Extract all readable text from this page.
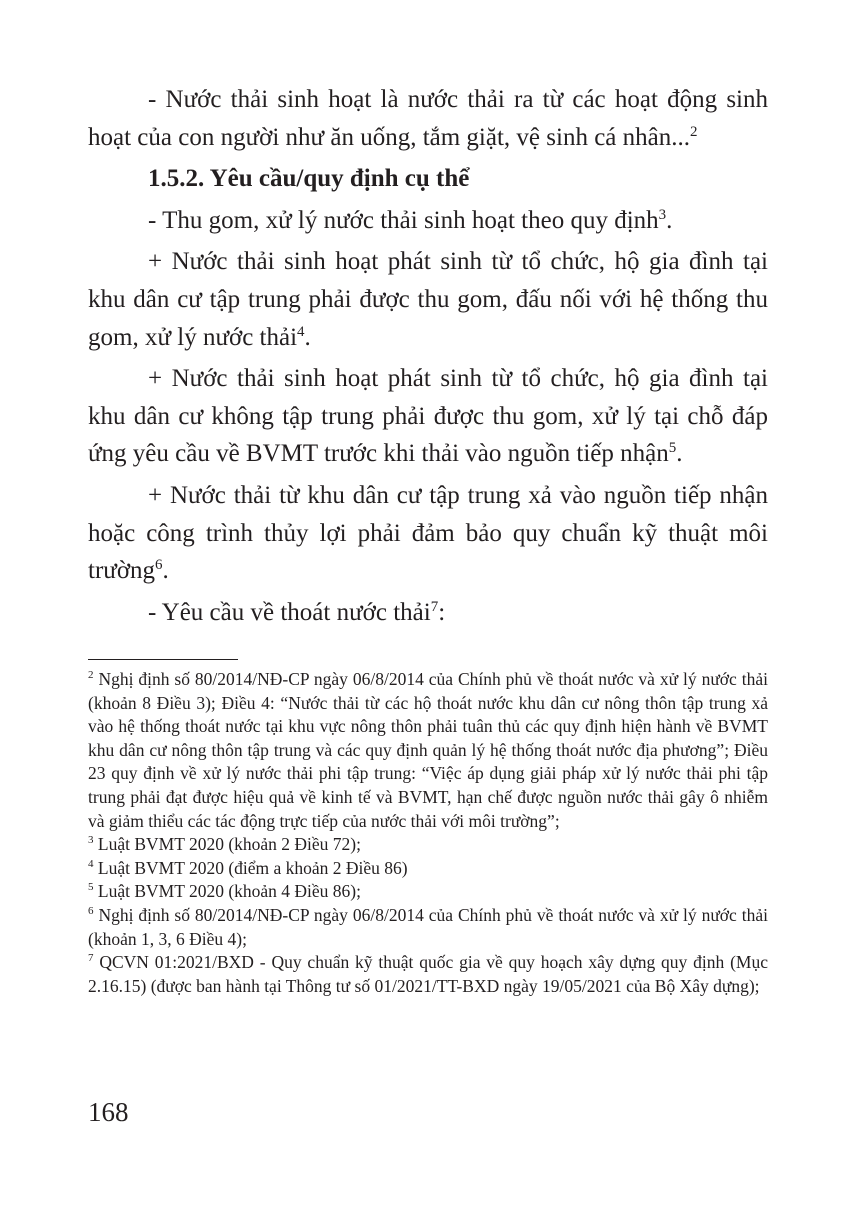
- Nước thải sinh hoạt là nước thải ra từ các hoạt động sinh hoạt của con người như ăn uống, tắm giặt, vệ sinh cá nhân...$^2$

1.5.2. Yêu cầu/quy định cụ thể

- Thu gom, xử lý nước thải sinh hoạt theo quy định$^3$.

+ Nước thải sinh hoạt phát sinh từ tổ chức, hộ gia đình tại khu dân cư tập trung phải được thu gom, đấu nối với hệ thống thu gom, xử lý nước thải$^4$.

+ Nước thải sinh hoạt phát sinh từ tổ chức, hộ gia đình tại khu dân cư không tập trung phải được thu gom, xử lý tại chỗ đáp ứng yêu cầu về BVMT trước khi thải vào nguồn tiếp nhận$^5$.

+ Nước thải từ khu dân cư tập trung xả vào nguồn tiếp nhận hoặc công trình thủy lợi phải đảm bảo quy chuẩn kỹ thuật môi trường$^6$.

- Yêu cầu về thoát nước thải$^7$:

$^2$ Nghị định số 80/2014/NĐ-CP ngày 06/8/2014 của Chính phủ về thoát nước và xử lý nước thải (khoản 8 Điều 3); Điều 4: “Nước thải từ các hộ thoát nước khu dân cư nông thôn tập trung xả vào hệ thống thoát nước tại khu vực nông thôn phải tuân thủ các quy định hiện hành về BVMT khu dân cư nông thôn tập trung và các quy định quản lý hệ thống thoát nước địa phương”; Điều 23 quy định về xử lý nước thải phi tập trung: “Việc áp dụng giải pháp xử lý nước thải phi tập trung phải đạt được hiệu quả về kinh tế và BVMT, hạn chế được nguồn nước thải gây ô nhiễm và giảm thiểu các tác động trực tiếp của nước thải với môi trường”;

$^3$ Luật BVMT 2020 (khoản 2 Điều 72);

$^4$ Luật BVMT 2020 (điểm a khoản 2 Điều 86)

$^5$ Luật BVMT 2020 (khoản 4 Điều 86);

$^6$ Nghị định số 80/2014/NĐ-CP ngày 06/8/2014 của Chính phủ về thoát nước và xử lý nước thải (khoản 1, 3, 6 Điều 4);

$^7$ QCVN 01:2021/BXD - Quy chuẩn kỹ thuật quốc gia về quy hoạch xây dựng quy định (Mục 2.16.15) (được ban hành tại Thông tư số 01/2021/TT-BXD ngày 19/05/2021 của Bộ Xây dựng);

168
